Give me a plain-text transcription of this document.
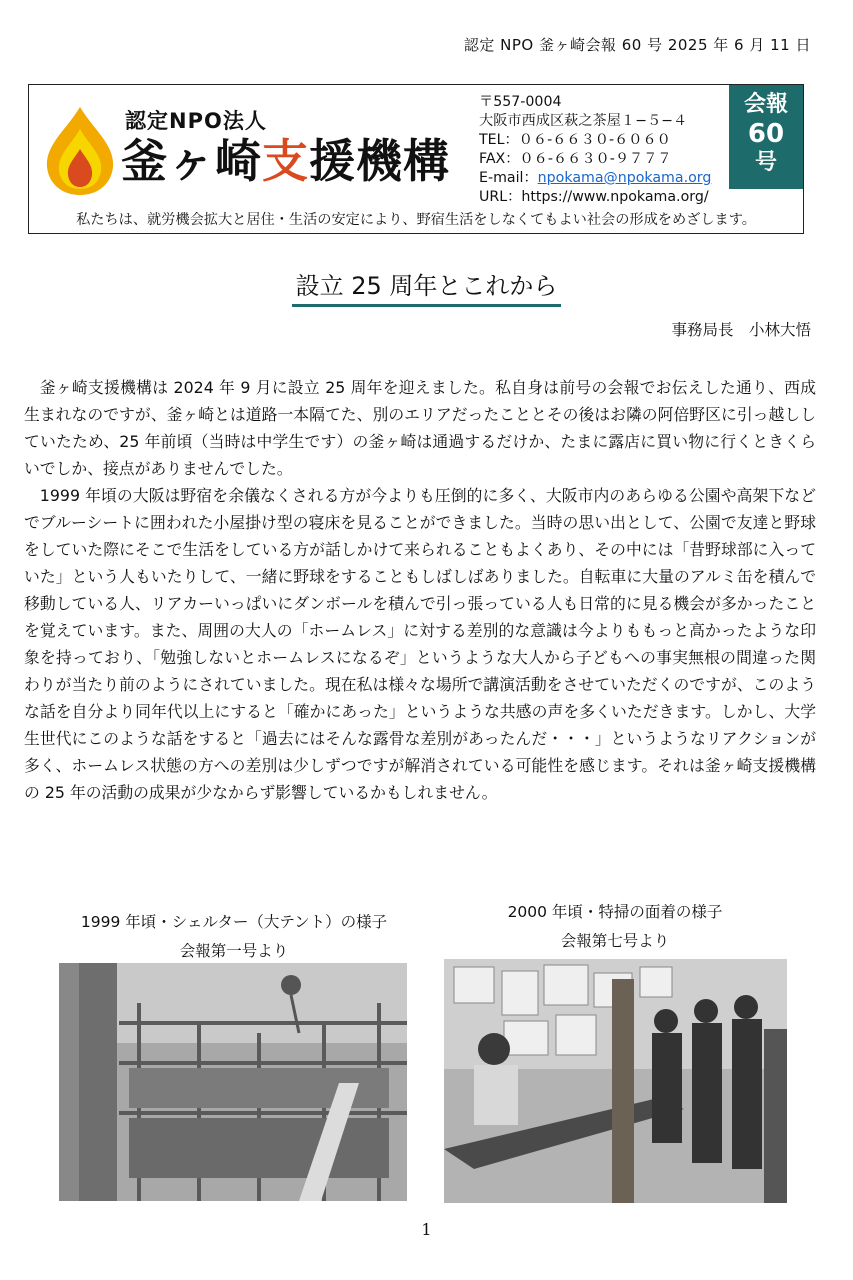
認定 NPO 釜ヶ崎会報 60 号 2025 年 6 月 11 日
認定NPO法人
釜ヶ崎支援機構
〒557-0004
大阪市西成区萩之茶屋１−５−４
TEL：０６-６６３０-６０６０
FAX：０６-６６３０-９７７７
E-mail：npokama@npokama.org
URL：https://www.npokama.org/
会報
60
号
私たちは、就労機会拡大と居住・生活の安定により、野宿生活をしなくてもよい社会の形成をめざします。
設立 25 周年とこれから
事務局長　小林大悟

釜ヶ崎支援機構は 2024 年 9 月に設立 25 周年を迎えました。私自身は前号の会報でお伝えした通り、西成生まれなのですが、釜ヶ崎とは道路一本隔てた、別のエリアだったこととその後はお隣の阿倍野区に引っ越ししていたため、25 年前頃（当時は中学生です）の釜ヶ崎は通過するだけか、たまに露店に買い物に行くときくらいでしか、接点がありませんでした。

1999 年頃の大阪は野宿を余儀なくされる方が今よりも圧倒的に多く、大阪市内のあらゆる公園や高架下などでブルーシートに囲われた小屋掛け型の寝床を見ることができました。当時の思い出として、公園で友達と野球をしていた際にそこで生活をしている方が話しかけて来られることもよくあり、その中には「昔野球部に入っていた」という人もいたりして、一緒に野球をすることもしばしばありました。自転車に大量のアルミ缶を積んで移動している人、リアカーいっぱいにダンボールを積んで引っ張っている人も日常的に見る機会が多かったことを覚えています。また、周囲の大人の「ホームレス」に対する差別的な意識は今よりももっと高かったような印象を持っており、「勉強しないとホームレスになるぞ」というような大人から子どもへの事実無根の間違った関わりが当たり前のようにされていました。現在私は様々な場所で講演活動をさせていただくのですが、このような話を自分より同年代以上にすると「確かにあった」というような共感の声を多くいただきます。しかし、大学生世代にこのような話をすると「過去にはそんな露骨な差別があったんだ・・・」というようなリアクションが多く、ホームレス状態の方への差別は少しずつですが解消されている可能性を感じます。それは釜ヶ崎支援機構の 25 年の活動の成果が少なからず影響しているかもしれません。

1999 年頃・シェルター（大テント）の様子
会報第一号より
2000 年頃・特掃の面着の様子
会報第七号より
1
